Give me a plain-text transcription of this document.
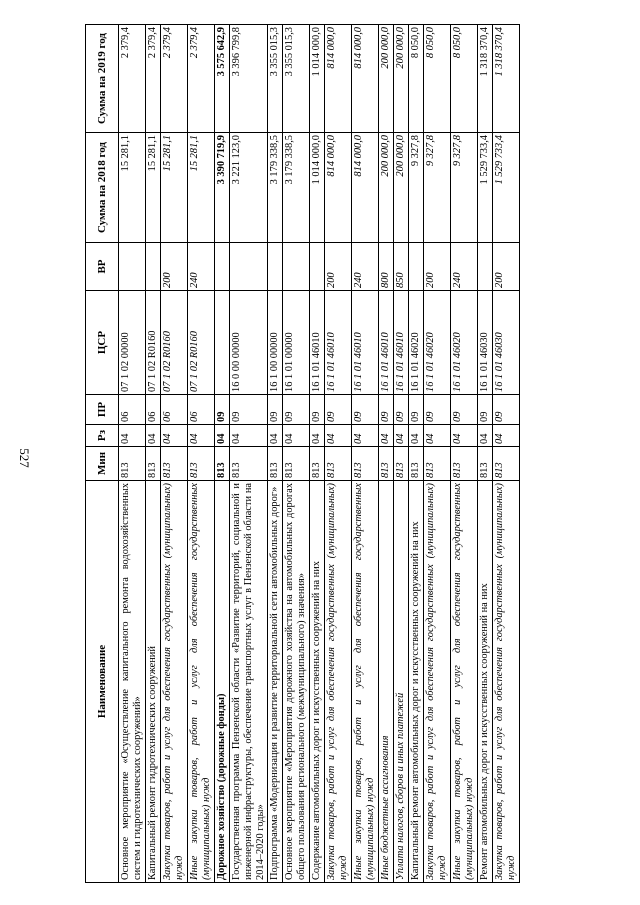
527
Наименование	Мин	Рз	ПР	ЦСР	ВР	Сумма на 2018 год	Сумма на 2019 год
Основное мероприятие «Осуществление капитального ремонта водохозяйственных систем и гидротехнических сооружений»	813	04	06	07 1 02 00000		15 281,1	2 379,4
Капитальный ремонт гидротехнических сооружений	813	04	06	07 1 02 R0160		15 281,1	2 379,4
Закупка товаров, работ и услуг для обеспечения государственных (муниципальных) нужд	813	04	06	07 1 02 R0160	200	15 281,1	2 379,4
Иные закупки товаров, работ и услуг для обеспечения государственных (муниципальных) нужд	813	04	06	07 1 02 R0160	240	15 281,1	2 379,4
Дорожное хозяйство (дорожные фонды)	813	04	09			3 390 719,9	3 575 642,9
Государственная программа Пензенской области «Развитие территорий, социальной и инженерной инфраструктуры, обеспечение транспортных услуг в Пензенской области на 2014–2020 годы»	813	04	09	16 0 00 00000		3 221 123,0	3 396 799,8
Подпрограмма «Модернизация и развитие территориальной сети автомобильных дорог»	813	04	09	16 1 00 00000		3 179 338,5	3 355 015,3
Основное мероприятие «Мероприятия дорожного хозяйства на автомобильных дорогах общего пользования регионального (межмуниципального) значения»	813	04	09	16 1 01 00000		3 179 338,5	3 355 015,3
Содержание автомобильных дорог и искусственных сооружений на них	813	04	09	16 1 01 46010		1 014 000,0	1 014 000,0
Закупка товаров, работ и услуг для обеспечения государственных (муниципальных) нужд	813	04	09	16 1 01 46010	200	814 000,0	814 000,0
Иные закупки товаров, работ и услуг для обеспечения государственных (муниципальных) нужд	813	04	09	16 1 01 46010	240	814 000,0	814 000,0
Иные бюджетные ассигнования	813	04	09	16 1 01 46010	800	200 000,0	200 000,0
Уплата налогов, сборов и иных платежей	813	04	09	16 1 01 46010	850	200 000,0	200 000,0
Капитальный ремонт автомобильных дорог и искусственных сооружений на них	813	04	09	16 1 01 46020		9 327,8	8 050,0
Закупка товаров, работ и услуг для обеспечения государственных (муниципальных) нужд	813	04	09	16 1 01 46020	200	9 327,8	8 050,0
Иные закупки товаров, работ и услуг для обеспечения государственных (муниципальных) нужд	813	04	09	16 1 01 46020	240	9 327,8	8 050,0
Ремонт автомобильных дорог и искусственных сооружений на них	813	04	09	16 1 01 46030		1 529 733,4	1 318 370,4
Закупка товаров, работ и услуг для обеспечения государственных (муниципальных) нужд	813	04	09	16 1 01 46030	200	1 529 733,4	1 318 370,4
